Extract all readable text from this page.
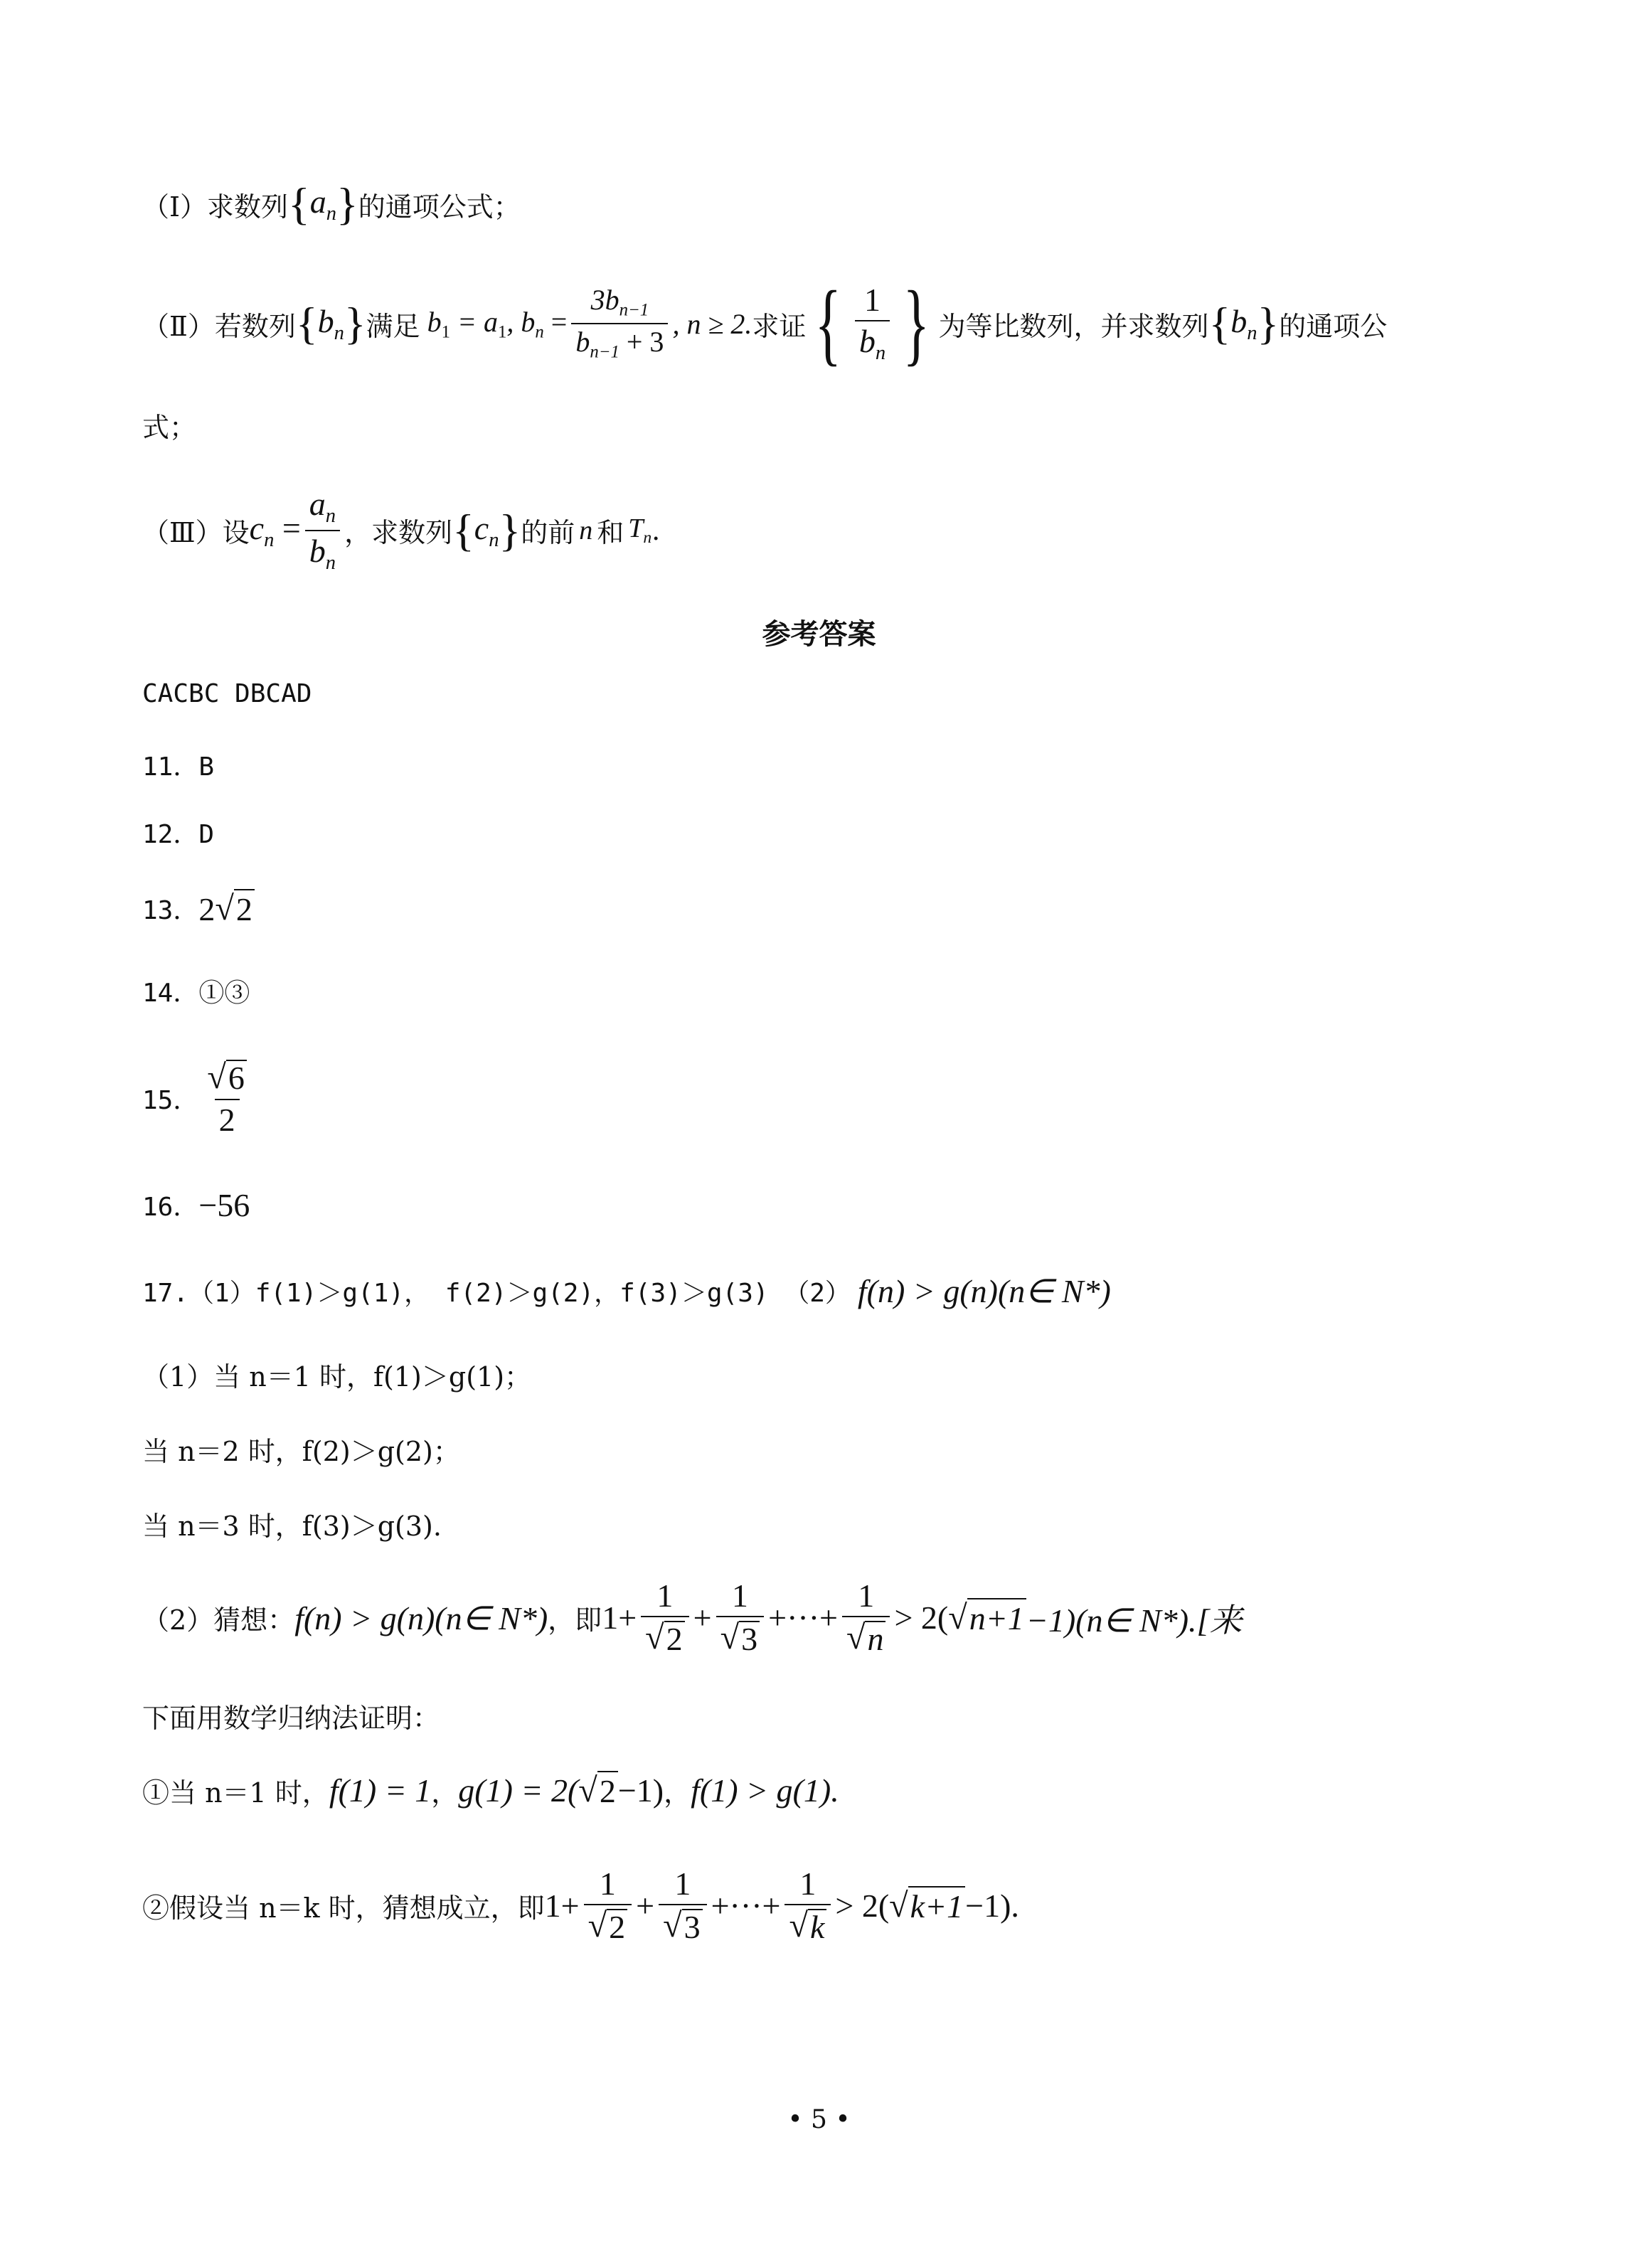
（Ⅰ）求数列 { $a_n$ } 的通项公式；
（Ⅱ）若数列 { $b_n$ } 满足 $b_1 = a_1$, $b_n = \frac{3b_{n-1}}{b_{n-1} + 3}$ , n ≥ 2. 求证 { $\frac{1}{b_n}$ } 为等比数列，并求数列 { $b_n$ } 的通项公
式；
（Ⅲ）设 $c_n = \frac{a_n}{b_n}$ ，求数列 { $c_n$ } 的前 n 和 $T_n$ .
参考答案
CACBC DBCAD
11．B
12．D
13． 2 √ 2
14．①③
15． $\frac{√ 6}{2}$
16． −56
17.（1）f(1)＞g(1)， f(2)＞g(2)，f(3)＞g(3) （2） f(n) > g(n)(n∈ N*)
（1）当 n＝1 时，f(1)＞g(1)；
当 n＝2 时，f(2)＞g(2)；
当 n＝3 时，f(3)＞g(3).
（2）猜想： f(n) > g(n)(n∈ N*) ，即 $1+ \frac{1}{√ 2} + \frac{1}{√ 3}$ +···+ $\frac{1}{√ n} > 2$( √ n+1 −1)(n∈ N*).[来
下面用数学归纳法证明：
①当 n＝1 时， f(1) = 1 ， g(1) = 2( √ 2 −1) ， f(1) > g(1).
②假设当 n＝k 时，猜想成立，即 $1+ \frac{1}{√ 2} + \frac{1}{√ 3}$ +···+ $\frac{1}{√ k} > 2$( √ k+1 −1).
• 5 •
